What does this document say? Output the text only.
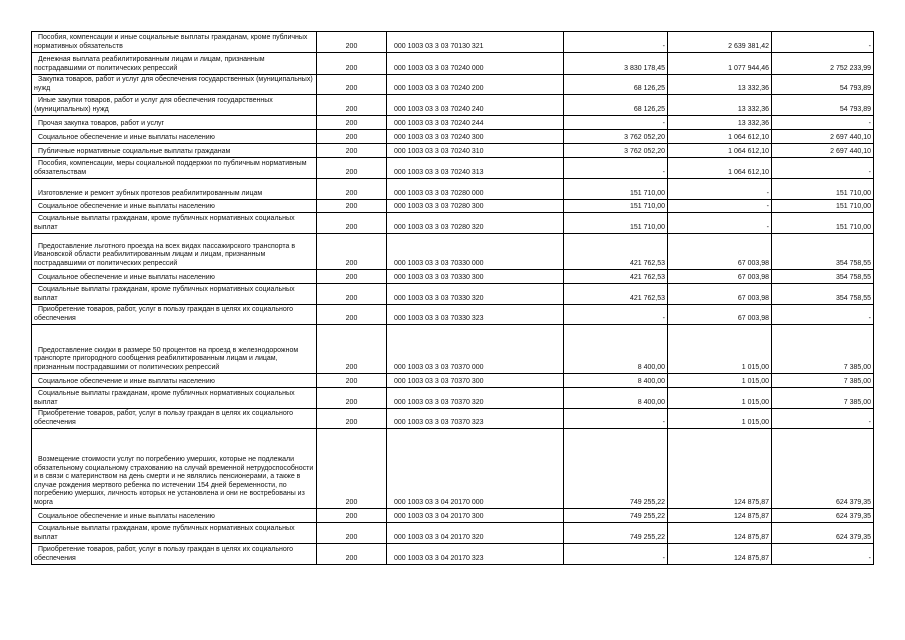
Пособия, компенсации и иные социальные выплаты гражданам, кроме публичных нормативных обязательств	200	000 1003 03 3 03 70130 321	-	2 639 381,42	-
Денежная выплата реабилитированным лицам и лицам, признанным пострадавшими от политических репрессий	200	000 1003 03 3 03 70240 000	3 830 178,45	1 077 944,46	2 752 233,99
Закупка товаров, работ и услуг для обеспечения государственных (муниципальных) нужд	200	000 1003 03 3 03 70240 200	68 126,25	13 332,36	54 793,89
Иные закупки товаров, работ и услуг для обеспечения государственных (муниципальных) нужд	200	000 1003 03 3 03 70240 240	68 126,25	13 332,36	54 793,89
Прочая закупка товаров, работ и услуг	200	000 1003 03 3 03 70240 244	-	13 332,36	-
Социальное обеспечение и иные выплаты населению	200	000 1003 03 3 03 70240 300	3 762 052,20	1 064 612,10	2 697 440,10
Публичные нормативные социальные выплаты гражданам	200	000 1003 03 3 03 70240 310	3 762 052,20	1 064 612,10	2 697 440,10
Пособия, компенсации, меры социальной поддержки по публичным нормативным обязательствам	200	000 1003 03 3 03 70240 313	-	1 064 612,10	-
Изготовление и ремонт зубных протезов реабилитированным лицам	200	000 1003 03 3 03 70280 000	151 710,00	-	151 710,00
Социальное обеспечение и иные выплаты населению	200	000 1003 03 3 03 70280 300	151 710,00	-	151 710,00
Социальные выплаты гражданам, кроме публичных нормативных социальных выплат	200	000 1003 03 3 03 70280 320	151 710,00	-	151 710,00
Предоставление льготного проезда на всех видах пассажирского транспорта в Ивановской области реабилитированным лицам и лицам, признанным пострадавшими от политических репрессий	200	000 1003 03 3 03 70330 000	421 762,53	67 003,98	354 758,55
Социальное обеспечение и иные выплаты населению	200	000 1003 03 3 03 70330 300	421 762,53	67 003,98	354 758,55
Социальные выплаты гражданам, кроме публичных нормативных социальных выплат	200	000 1003 03 3 03 70330 320	421 762,53	67 003,98	354 758,55
Приобретение товаров, работ, услуг в пользу граждан в целях их социального обеспечения	200	000 1003 03 3 03 70330 323	-	67 003,98	-
Предоставление скидки в размере 50 процентов на проезд в железнодорожном транспорте пригородного сообщения реабилитированным лицам и лицам, признанным пострадавшими от политических репрессий	200	000 1003 03 3 03 70370 000	8 400,00	1 015,00	7 385,00
Социальное обеспечение и иные выплаты населению	200	000 1003 03 3 03 70370 300	8 400,00	1 015,00	7 385,00
Социальные выплаты гражданам, кроме публичных нормативных социальных выплат	200	000 1003 03 3 03 70370 320	8 400,00	1 015,00	7 385,00
Приобретение товаров, работ, услуг в пользу граждан в целях их социального обеспечения	200	000 1003 03 3 03 70370 323	-	1 015,00	-
Возмещение стоимости услуг по погребению умерших, которые не подлежали обязательному социальному страхованию на случай временной нетрудоспособности и в связи с материнством на день смерти и не являлись пенсионерами, а также в случае рождения мертвого ребенка по истечении 154 дней беременности, по погребению умерших, личность которых не установлена и они не востребованы из морга	200	000 1003 03 3 04 20170 000	749 255,22	124 875,87	624 379,35
Социальное обеспечение и иные выплаты населению	200	000 1003 03 3 04 20170 300	749 255,22	124 875,87	624 379,35
Социальные выплаты гражданам, кроме публичных нормативных социальных выплат	200	000 1003 03 3 04 20170 320	749 255,22	124 875,87	624 379,35
Приобретение товаров, работ, услуг в пользу граждан в целях их социального обеспечения	200	000 1003 03 3 04 20170 323	-	124 875,87	-
